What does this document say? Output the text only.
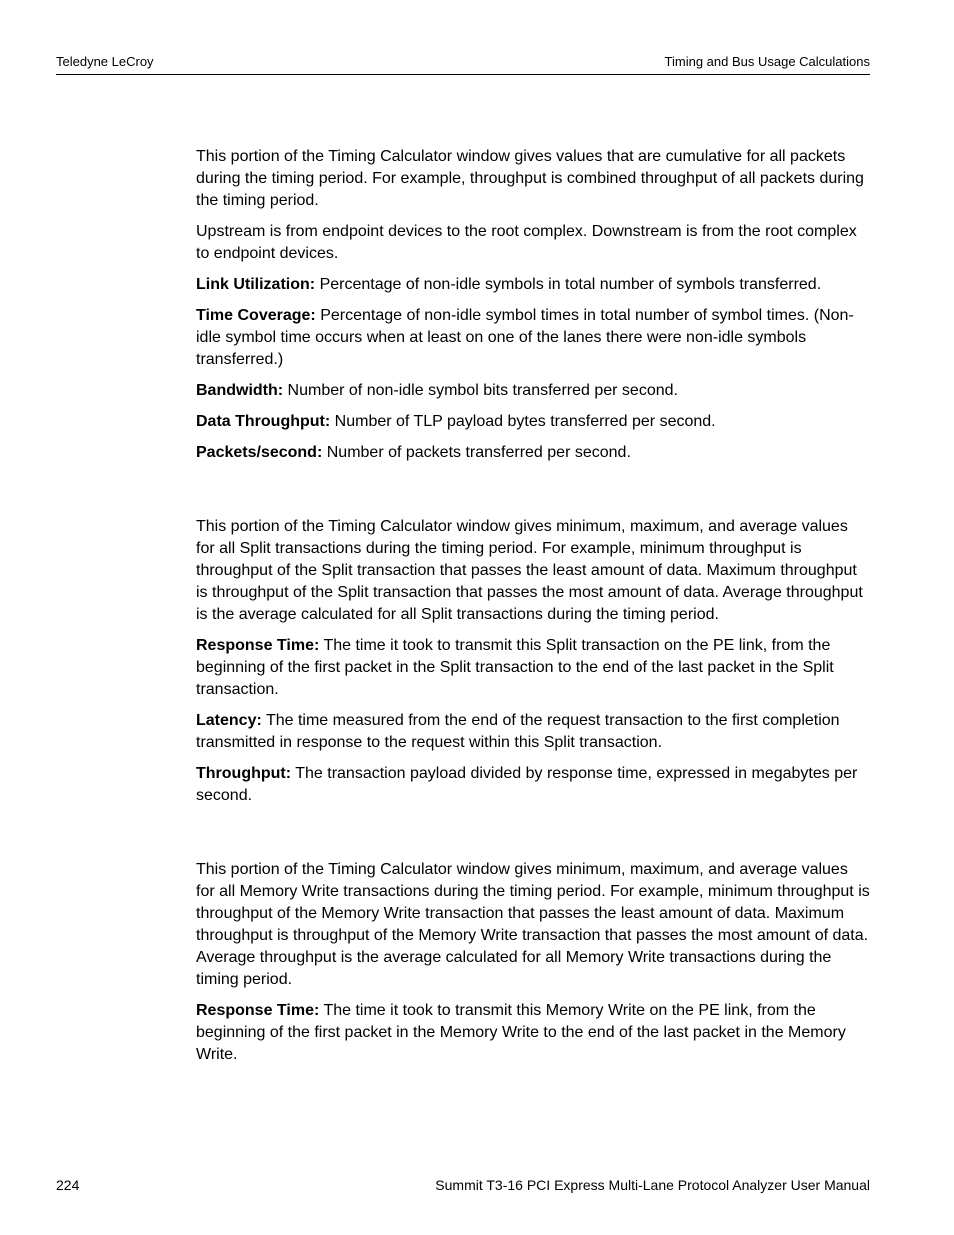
Teledyne LeCroy	Timing and Bus Usage Calculations

This portion of the Timing Calculator window gives values that are cumulative for all packets during the timing period. For example, throughput is combined throughput of all packets during the timing period.

Upstream is from endpoint devices to the root complex. Downstream is from the root complex to endpoint devices.

Link Utilization: Percentage of non-idle symbols in total number of symbols transferred.

Time Coverage: Percentage of non-idle symbol times in total number of symbol times. (Non-idle symbol time occurs when at least on one of the lanes there were non-idle symbols transferred.)

Bandwidth: Number of non-idle symbol bits transferred per second.

Data Throughput: Number of TLP payload bytes transferred per second.

Packets/second: Number of packets transferred per second.

This portion of the Timing Calculator window gives minimum, maximum, and average values for all Split transactions during the timing period. For example, minimum throughput is throughput of the Split transaction that passes the least amount of data. Maximum throughput is throughput of the Split transaction that passes the most amount of data. Average throughput is the average calculated for all Split transactions during the timing period.

Response Time: The time it took to transmit this Split transaction on the PE link, from the beginning of the first packet in the Split transaction to the end of the last packet in the Split transaction.

Latency: The time measured from the end of the request transaction to the first completion transmitted in response to the request within this Split transaction.

Throughput: The transaction payload divided by response time, expressed in megabytes per second.

This portion of the Timing Calculator window gives minimum, maximum, and average values for all Memory Write transactions during the timing period. For example, minimum throughput is throughput of the Memory Write transaction that passes the least amount of data. Maximum throughput is throughput of the Memory Write transaction that passes the most amount of data. Average throughput is the average calculated for all Memory Write transactions during the timing period.

Response Time: The time it took to transmit this Memory Write on the PE link, from the beginning of the first packet in the Memory Write to the end of the last packet in the Memory Write.

224	Summit T3-16 PCI Express Multi-Lane Protocol Analyzer User Manual
